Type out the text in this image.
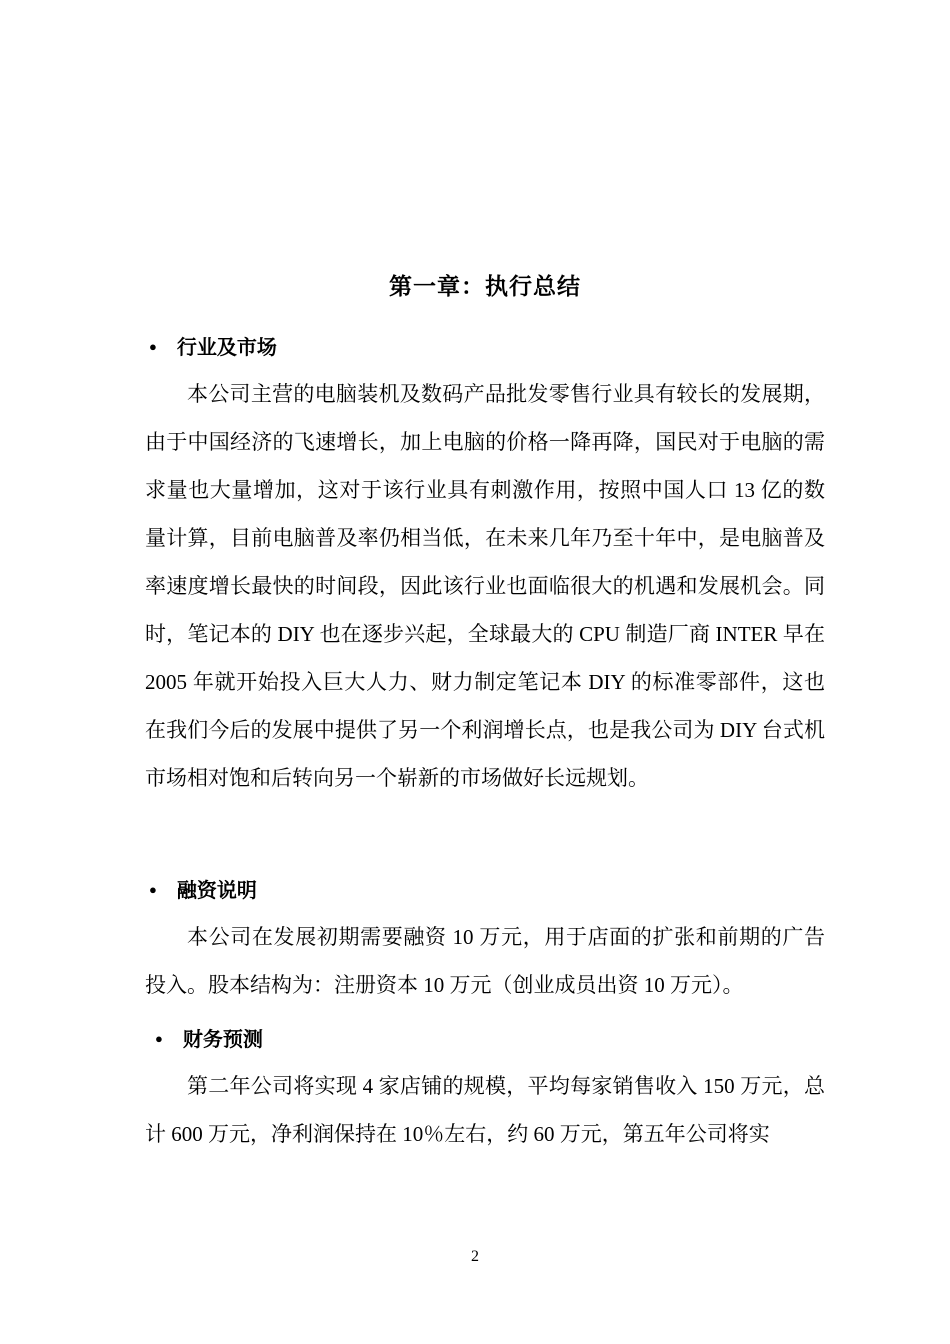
第一章：执行总结
● 行业及市场

本公司主营的电脑装机及数码产品批发零售行业具有较长的发展期，由于中国经济的飞速增长，加上电脑的价格一降再降，国民对于电脑的需求量也大量增加，这对于该行业具有刺激作用，按照中国人口 13 亿的数量计算，目前电脑普及率仍相当低，在未来几年乃至十年中，是电脑普及率速度增长最快的时间段，因此该行业也面临很大的机遇和发展机会。同时，笔记本的 DIY 也在逐步兴起，全球最大的 CPU 制造厂商 INTER 早在 2005 年就开始投入巨大人力、财力制定笔记本 DIY 的标准零部件，这也在我们今后的发展中提供了另一个利润增长点，也是我公司为 DIY 台式机市场相对饱和后转向另一个崭新的市场做好长远规划。

● 融资说明

本公司在发展初期需要融资 10 万元，用于店面的扩张和前期的广告投入。股本结构为：注册资本 10 万元（创业成员出资 10 万元）。

● 财务预测

第二年公司将实现 4 家店铺的规模，平均每家销售收入 150 万元，总计 600 万元，净利润保持在 10％左右，约 60 万元，第五年公司将实

2
